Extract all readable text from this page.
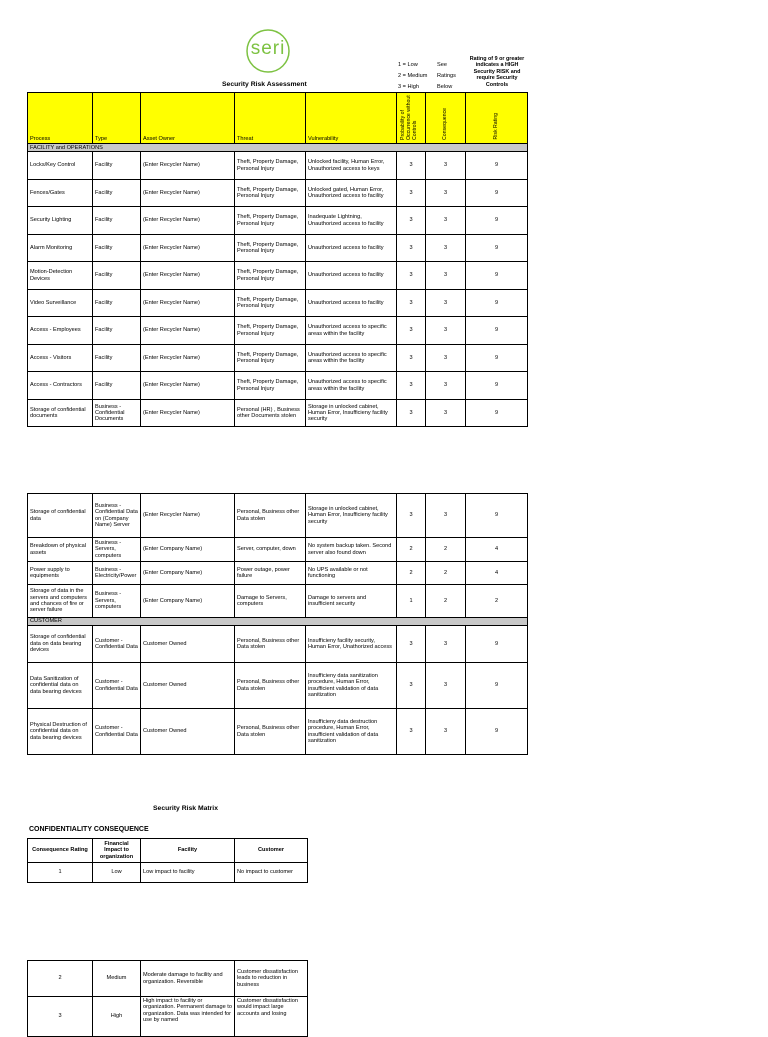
seri
Security Risk Assessment
1 = Low
2 = Medium
3 = High
See
Ratings
Below
Rating of 9 or greater indicates a HIGH Security RISK and require Security Controls
Process	Type	Asset Owner	Threat	Vulnerability	Probability of Occurrence without Controls	Consequence	Risk Rating
FACILITY and OPERATIONS							
Locks/Key Control	Facility	(Enter Recycler Name)	Theft, Property Damage, Personal Injury	Unlocked facility, Human Error, Unauthorized access to keys	3	3	9
Fences/Gates	Facility	(Enter Recycler Name)	Theft, Property Damage, Personal Injury	Unlocked gated, Human Error, Unauthorized access to facility	3	3	9
Security Lighting	Facility	(Enter Recycler Name)	Theft, Property Damage, Personal Injury	Inadequate Lightning, Unauthorized access to facility	3	3	9
Alarm Monitoring	Facility	(Enter Recycler Name)	Theft, Property Damage, Personal Injury	Unauthorized access to facility	3	3	9
Motion-Detection Devices	Facility	(Enter Recycler Name)	Theft, Property Damage, Personal Injury	Unauthorized access to facility	3	3	9
Video Surveillance	Facility	(Enter Recycler Name)	Theft, Property Damage, Personal Injury	Unauthorized access to facility	3	3	9
Access - Employees	Facility	(Enter Recycler Name)	Theft, Property Damage, Personal Injury	Unauthorized access to specific areas within the facility	3	3	9
Access - Visitors	Facility	(Enter Recycler Name)	Theft, Property Damage, Personal Injury	Unauthorized access to specific areas within the facility	3	3	9
Access - Contractors	Facility	(Enter Recycler Name)	Theft, Property Damage, Personal Injury	Unauthorized access to specific areas within the facility	3	3	9
Storage of confidential documents	Business - Confidential Documents	(Enter Recycler Name)	Personal (HR) , Business other Documents stolen	Storage in unlocked cabinet, Human Error, Insufficieny facility security	3	3	9
Storage of confidential data	Business - Confidential Data on (Company Name) Server	(Enter Recycler Name)	Personal, Business other Data stolen	Storage in unlocked cabinet, Human Error, Insufficieny facility security	3	3	9
Breakdown of physical assets	Business - Servers, computers	(Enter Company Name)	Server, computer, down	No system backup taken. Second server also found down	2	2	4
Power supply to equipments	Business - Electricity/Power	(Enter Company Name)	Power outage, power failure	No UPS available or not functioning	2	2	4
Storage of data in the servers and computers and chances of fire or server failure	Business - Servers, computers	(Enter Company Name)	Damage to Servers, computers	Damage to servers and insufficient security	1	2	2
CUSTOMER							
Storage of confidential data on data bearing devices	Customer - Confidential Data	Customer Owned	Personal, Business other Data stolen	Insufficieny facility security, Human Error, Unathorized access	3	3	9
Data Sanitization of confidential data on data bearing devices	Customer - Confidential Data	Customer Owned	Personal, Business other Data stolen	Insufficieny data sanitization procedure, Human Error, insufficient validation of data sanitization	3	3	9
Physical Destruction of confidential data on data bearing devices	Customer - Confidential Data	Customer Owned	Personal, Business other Data stolen	Insufficieny data destruction procedure, Human Error, insufficient validation of data sanitization	3	3	9
Security Risk Matrix
CONFIDENTIALITY CONSEQUENCE
Consequence Rating	Financial Impact to organization	Facility	Customer
1	Low	Low impact to facility	No impact to customer
2	Medium	Moderate damage to facility and organization. Reversible	Customer dissatisfaction leads to reduction in business
3	High	High impact to facility or organization. Permanent damage to organization. Data was intended for use by named	Customer dissatisfaction would impact large accounts and losing
